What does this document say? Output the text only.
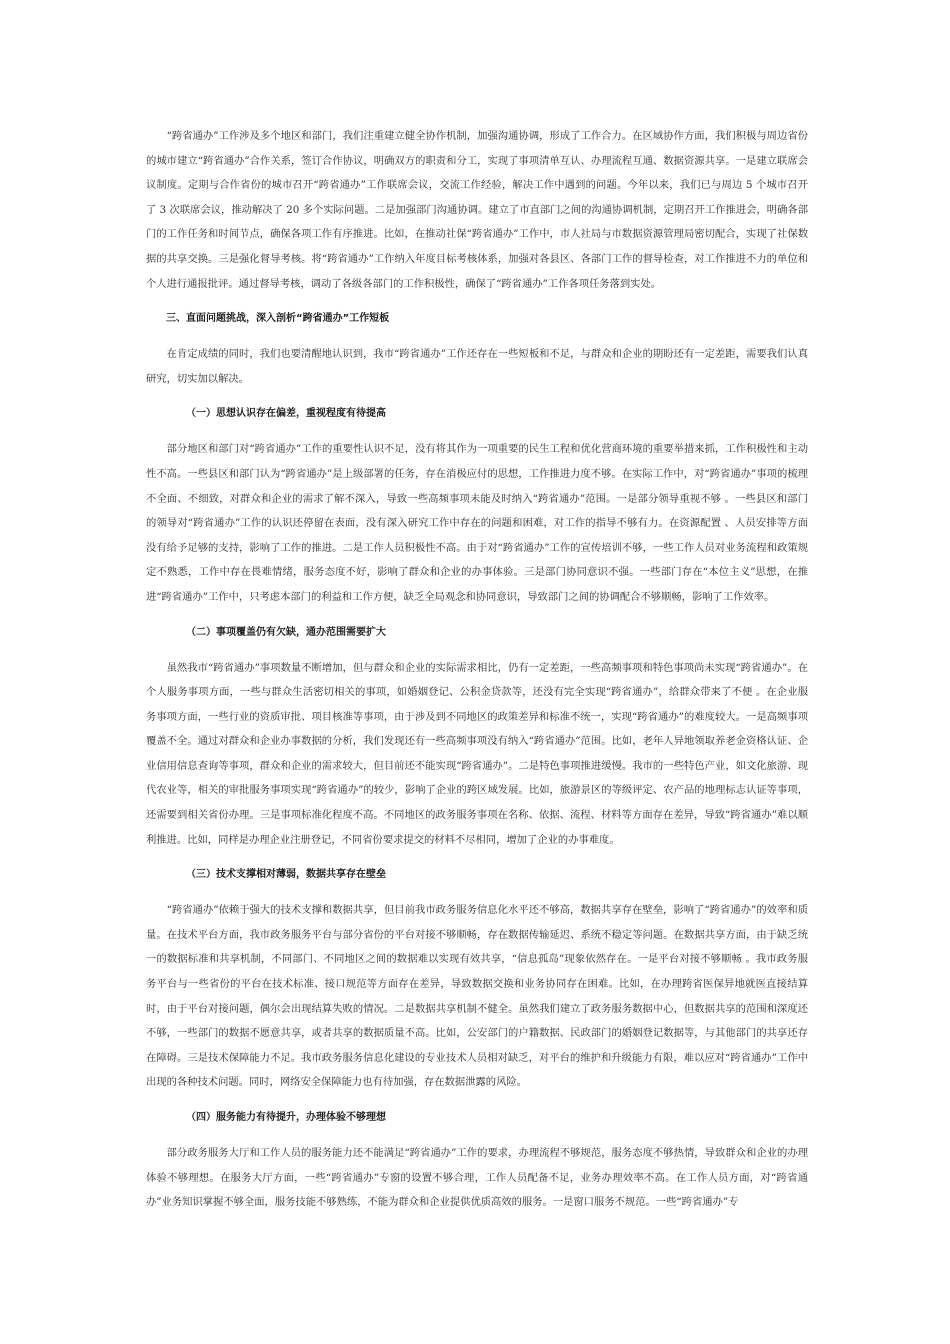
“跨省通办”工作涉及多个地区和部门，我们注重建立健全协作机制，加强沟通协调，形成了工作合力。在区域协作方面，我们积极与周边省份的城市建立“跨省通办”合作关系，签订合作协议，明确双方的职责和分工，实现了事项清单互认、办理流程互通、数据资源共享。一是建立联席会议制度。定期与合作省份的城市召开“跨省通办”工作联席会议，交流工作经验，解决工作中遇到的问题。今年以来，我们已与周边 5 个城市召开了 3 次联席会议，推动解决了 20 多个实际问题。二是加强部门沟通协调。建立了市直部门之间的沟通协调机制，定期召开工作推进会，明确各部门的工作任务和时间节点，确保各项工作有序推进。比如，在推动社保“跨省通办”工作中，市人社局与市数据资源管理局密切配合，实现了社保数据的共享交换。三是强化督导考核。将“跨省通办”工作纳入年度目标考核体系，加强对各县区、各部门工作的督导检查，对工作推进不力的单位和个人进行通报批评。通过督导考核，调动了各级各部门的工作积极性，确保了“跨省通办”工作各项任务落到实处。

三、直面问题挑战，深入剖析“跨省通办”工作短板

在肯定成绩的同时，我们也要清醒地认识到，我市“跨省通办”工作还存在一些短板和不足，与群众和企业的期盼还有一定差距，需要我们认真研究，切实加以解决。

（一）思想认识存在偏差，重视程度有待提高

部分地区和部门对“跨省通办”工作的重要性认识不足，没有将其作为一项重要的民生工程和优化营商环境的重要举措来抓，工作积极性和主动性不高。一些县区和部门认为“跨省通办”是上级部署的任务，存在消极应付的思想，工作推进力度不够。在实际工作中，对“跨省通办”事项的梳理不全面、不细致，对群众和企业的需求了解不深入，导致一些高频事项未能及时纳入“跨省通办”范围。一是部分领导重视不够 。一些县区和部门的领导对“跨省通办”工作的认识还停留在表面，没有深入研究工作中存在的问题和困难，对工作的指导不够有力。在资源配置 、人员安排等方面没有给予足够的支持，影响了工作的推进。二是工作人员积极性不高。由于对“跨省通办”工作的宣传培训不够，一些工作人员对业务流程和政策规定不熟悉，工作中存在畏难情绪，服务态度不好，影响了群众和企业的办事体验。三是部门协同意识不强。一些部门存在“本位主义”思想，在推进“跨省通办”工作中，只考虑本部门的利益和工作方便，缺乏全局观念和协同意识，导致部门之间的协调配合不够顺畅，影响了工作效率。

（二）事项覆盖仍有欠缺，通办范围需要扩大

虽然我市“跨省通办”事项数量不断增加，但与群众和企业的实际需求相比，仍有一定差距，一些高频事项和特色事项尚未实现“跨省通办”。在个人服务事项方面，一些与群众生活密切相关的事项，如婚姻登记、公积金贷款等，还没有完全实现“跨省通办”，给群众带来了不便 。在企业服务事项方面，一些行业的资质审批、项目核准等事项，由于涉及到不同地区的政策差异和标准不统一，实现“跨省通办”的难度较大。一是高频事项覆盖不全。通过对群众和企业办事数据的分析，我们发现还有一些高频事项没有纳入“跨省通办”范围。比如，老年人异地领取养老金资格认证、企业信用信息查询等事项，群众和企业的需求较大，但目前还不能实现“跨省通办”。二是特色事项推进缓慢。我市的一些特色产业，如文化旅游、现代农业等，相关的审批服务事项实现“跨省通办”的较少，影响了企业的跨区域发展。比如，旅游景区的等级评定、农产品的地理标志认证等事项，还需要到相关省份办理。三是事项标准化程度不高。不同地区的政务服务事项在名称、依据、流程、材料等方面存在差异，导致“跨省通办”难以顺利推进。比如，同样是办理企业注册登记，不同省份要求提交的材料不尽相同，增加了企业的办事难度。

（三）技术支撑相对薄弱，数据共享存在壁垒

“跨省通办”依赖于强大的技术支撑和数据共享，但目前我市政务服务信息化水平还不够高，数据共享存在壁垒，影响了“跨省通办”的效率和质量。在技术平台方面，我市政务服务平台与部分省份的平台对接不够顺畅，存在数据传输延迟、系统不稳定等问题。在数据共享方面，由于缺乏统一的数据标准和共享机制，不同部门、不同地区之间的数据难以实现有效共享，“信息孤岛”现象依然存在。一是平台对接不够顺畅 。我市政务服务平台与一些省份的平台在技术标准、接口规范等方面存在差异，导致数据交换和业务协同存在困难。比如，在办理跨省医保异地就医直接结算时，由于平台对接问题，偶尔会出现结算失败的情况。二是数据共享机制不健全。虽然我们建立了政务服务数据中心，但数据共享的范围和深度还不够，一些部门的数据不愿意共享，或者共享的数据质量不高。比如，公安部门的户籍数据、民政部门的婚姻登记数据等，与其他部门的共享还存在障碍。三是技术保障能力不足。我市政务服务信息化建设的专业技术人员相对缺乏，对平台的维护和升级能力有限，难以应对“跨省通办”工作中出现的各种技术问题。同时，网络安全保障能力也有待加强，存在数据泄露的风险。

（四）服务能力有待提升，办理体验不够理想

部分政务服务大厅和工作人员的服务能力还不能满足“跨省通办”工作的要求，办理流程不够规范，服务态度不够热情，导致群众和企业的办理体验不够理想。在服务大厅方面，一些“跨省通办”专窗的设置不够合理，工作人员配备不足，业务办理效率不高。在工作人员方面，对“跨省通办”业务知识掌握不够全面，服务技能不够熟练，不能为群众和企业提供优质高效的服务。一是窗口服务不规范。一些“跨省通办”专
